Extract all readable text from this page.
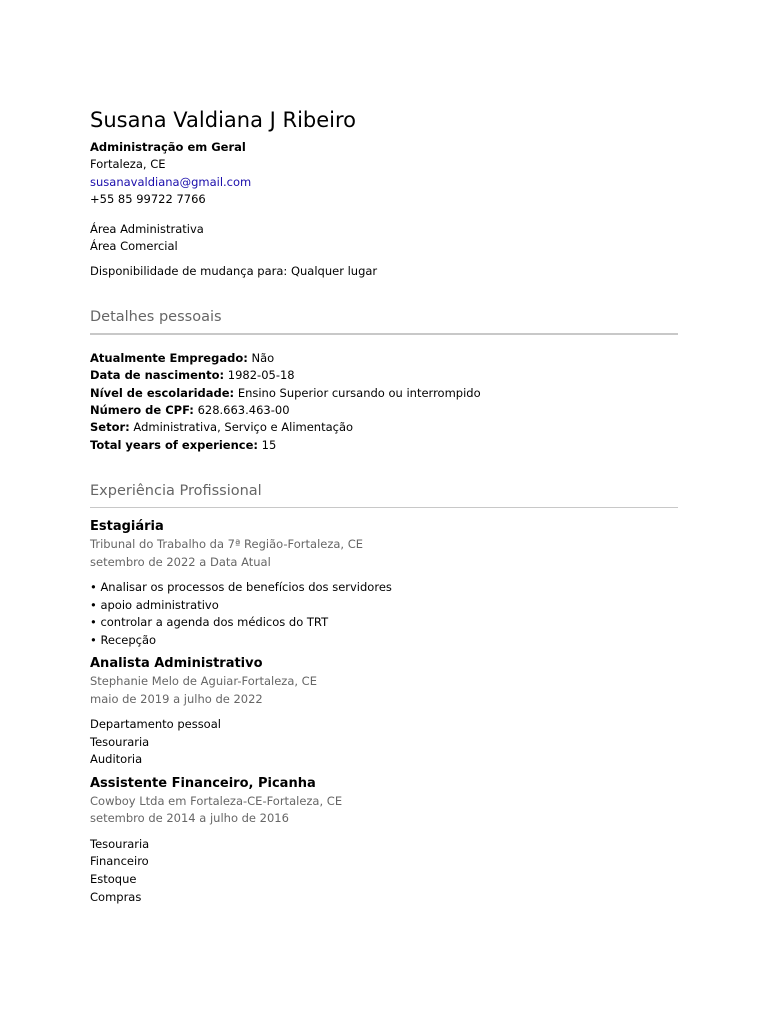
Susana Valdiana J Ribeiro
Administração em Geral
Fortaleza, CE
susanavaldiana@gmail.com
+55 85 99722 7766
Área Administrativa
Área Comercial
Disponibilidade de mudança para: Qualquer lugar
Detalhes pessoais
Atualmente Empregado: Não
Data de nascimento: 1982-05-18
Nível de escolaridade: Ensino Superior cursando ou interrompido
Número de CPF: 628.663.463-00
Setor: Administrativa, Serviço e Alimentação
Total years of experience: 15
Experiência Profissional
Estagiária
Tribunal do Trabalho da 7ª Região-Fortaleza, CE
setembro de 2022 a Data Atual
• Analisar os processos de benefícios dos servidores
• apoio administrativo
• controlar a agenda dos médicos do TRT
• Recepção
Analista Administrativo
Stephanie Melo de Aguiar-Fortaleza, CE
maio de 2019 a julho de 2022
Departamento pessoal
Tesouraria
Auditoria
Assistente Financeiro, Picanha
Cowboy Ltda em Fortaleza-CE-Fortaleza, CE
setembro de 2014 a julho de 2016
Tesouraria
Financeiro
Estoque
Compras
